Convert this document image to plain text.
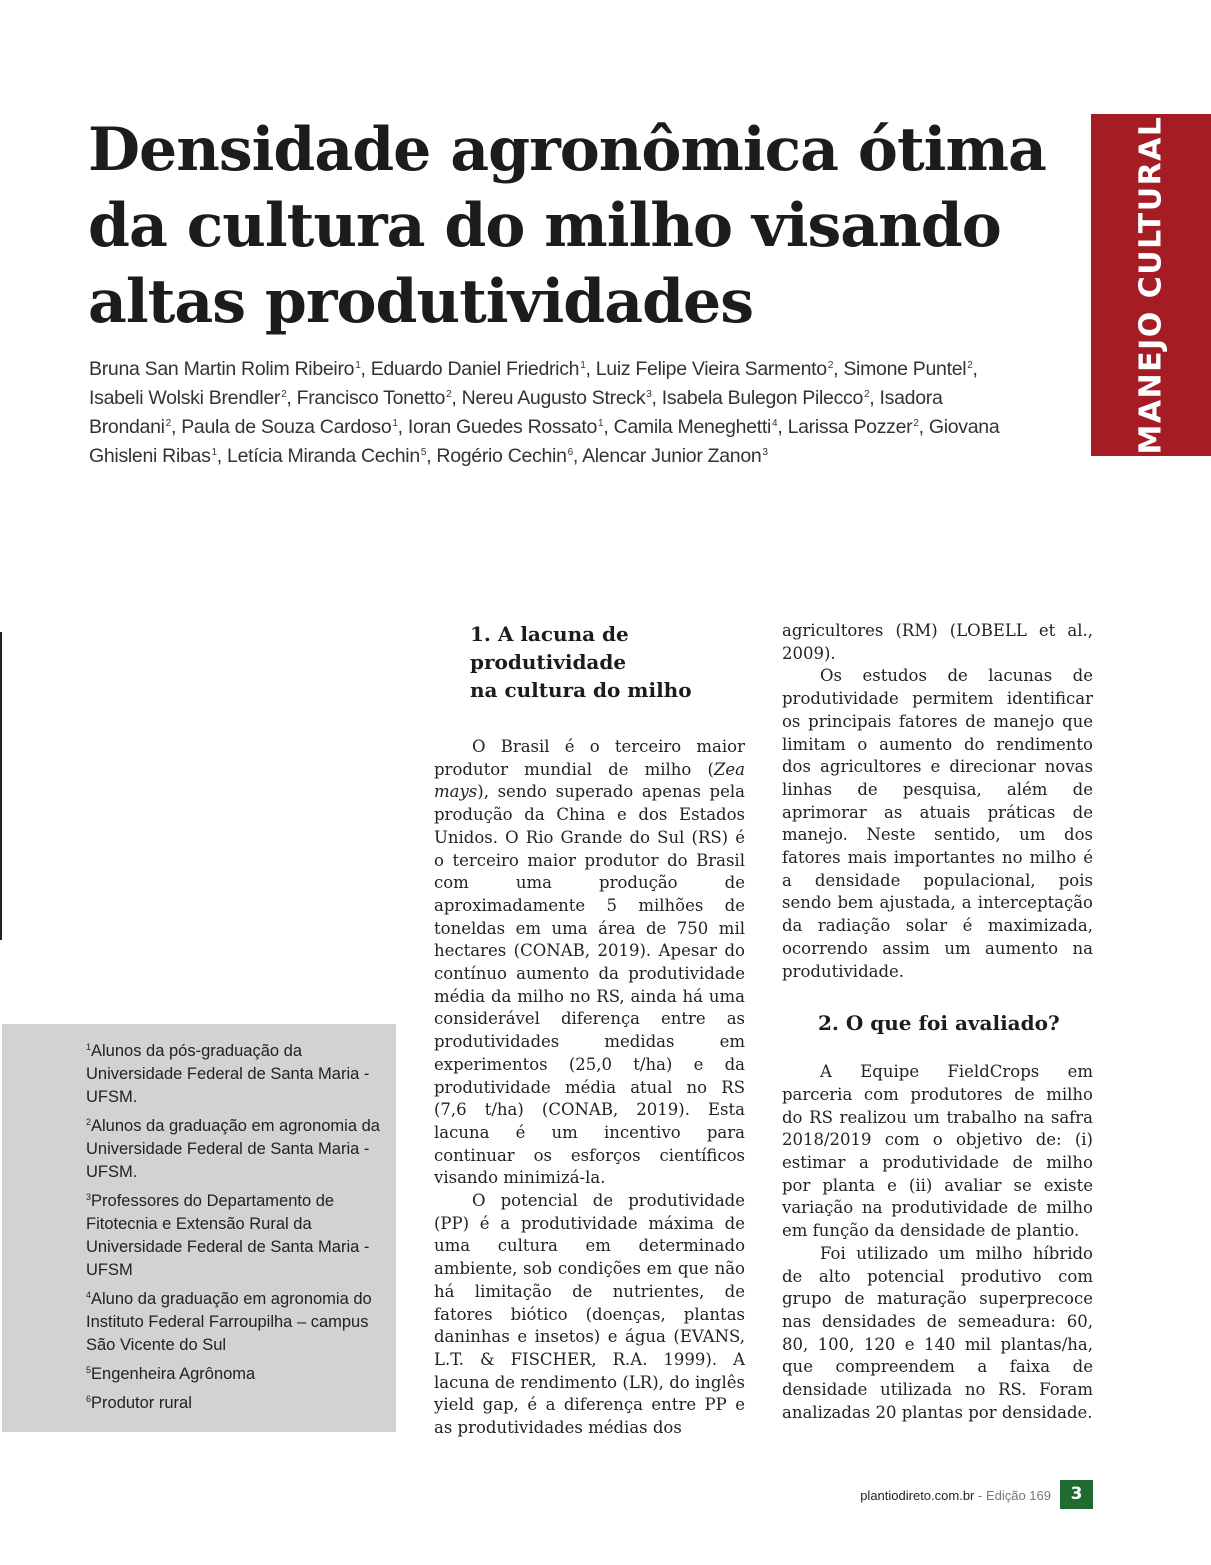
Densidade agronômica ótima
da cultura do milho visando
altas produtividades	MANEJO CULTURAL
Bruna San Martin Rolim Ribeiro$^1$, Eduardo Daniel Friedrich$^1$, Luiz Felipe Vieira Sarmento$^2$, Simone Puntel$^2$, Isabeli Wolski Brendler$^2$, Francisco Tonetto$^2$, Nereu Augusto Streck$^3$, Isabela Bulegon Pilecco$^2$, Isadora Brondani$^2$, Paula de Souza Cardoso$^1$, Ioran Guedes Rossato$^1$, Camila Meneghetti$^4$, Larissa Pozzer$^2$, Giovana Ghisleni Ribas$^1$, Letícia Miranda Cechin$^5$, Rogério Cechin$^6$, Alencar Junior Zanon$^3$
$^1$Alunos da pós-graduação da Universidade Federal de Santa Maria - UFSM.
$^2$Alunos da graduação em agronomia da Universidade Federal de Santa Maria - UFSM.
$^3$Professores do Departamento de Fitotecnia e Extensão Rural da Universidade Federal de Santa Maria - UFSM
$^4$Aluno da graduação em agronomia do Instituto Federal Farroupilha – campus São Vicente do Sul
$^5$Engenheira Agrônoma
$^6$Produtor rural
1. A lacuna de
produtividade
na cultura do milho

O Brasil é o terceiro maior produtor mundial de milho (Zea mays), sendo superado apenas pela produção da China e dos Estados Unidos. O Rio Grande do Sul (RS) é o terceiro maior produtor do Brasil com uma produção de aproximadamente 5 milhões de toneldas em uma área de 750 mil hectares (CONAB, 2019). Apesar do contínuo aumento da produtividade média da milho no RS, ainda há uma considerável diferença entre as produtividades medidas em experimentos (25,0 t/ha) e da produtividade média atual no RS (7,6 t/ha) (CONAB, 2019). Esta lacuna é um incentivo para continuar os esforços científicos visando minimizá-la.

O potencial de produtividade (PP) é a produtividade máxima de uma cultura em determinado ambiente, sob condições em que não há limitação de nutrientes, de fatores biótico (doenças, plantas daninhas e insetos) e água (EVANS, L.T. & FISCHER, R.A. 1999). A lacuna de rendimento (LR), do inglês yield gap, é a diferença entre PP e as produtividades médias dos

agricultores (RM) (LOBELL et al., 2009).

Os estudos de lacunas de produtividade permitem identificar os principais fatores de manejo que limitam o aumento do rendimento dos agricultores e direcionar novas linhas de pesquisa, além de aprimorar as atuais práticas de manejo. Neste sentido, um dos fatores mais importantes no milho é a densidade populacional, pois sendo bem ajustada, a interceptação da radiação solar é maximizada, ocorrendo assim um aumento na produtividade.

2. O que foi avaliado?

A Equipe FieldCrops em parceria com produtores de milho do RS realizou um trabalho na safra 2018/2019 com o objetivo de: (i) estimar a produtividade de milho por planta e (ii) avaliar se existe variação na produtividade de milho em função da densidade de plantio.

Foi utilizado um milho híbrido de alto potencial produtivo com grupo de maturação superprecoce nas densidades de semeadura: 60, 80, 100, 120 e 140 mil plantas/ha, que compreendem a faixa de densidade utilizada no RS. Foram analizadas 20 plantas por densidade.

plantiodireto.com.br - Edição 169	3
